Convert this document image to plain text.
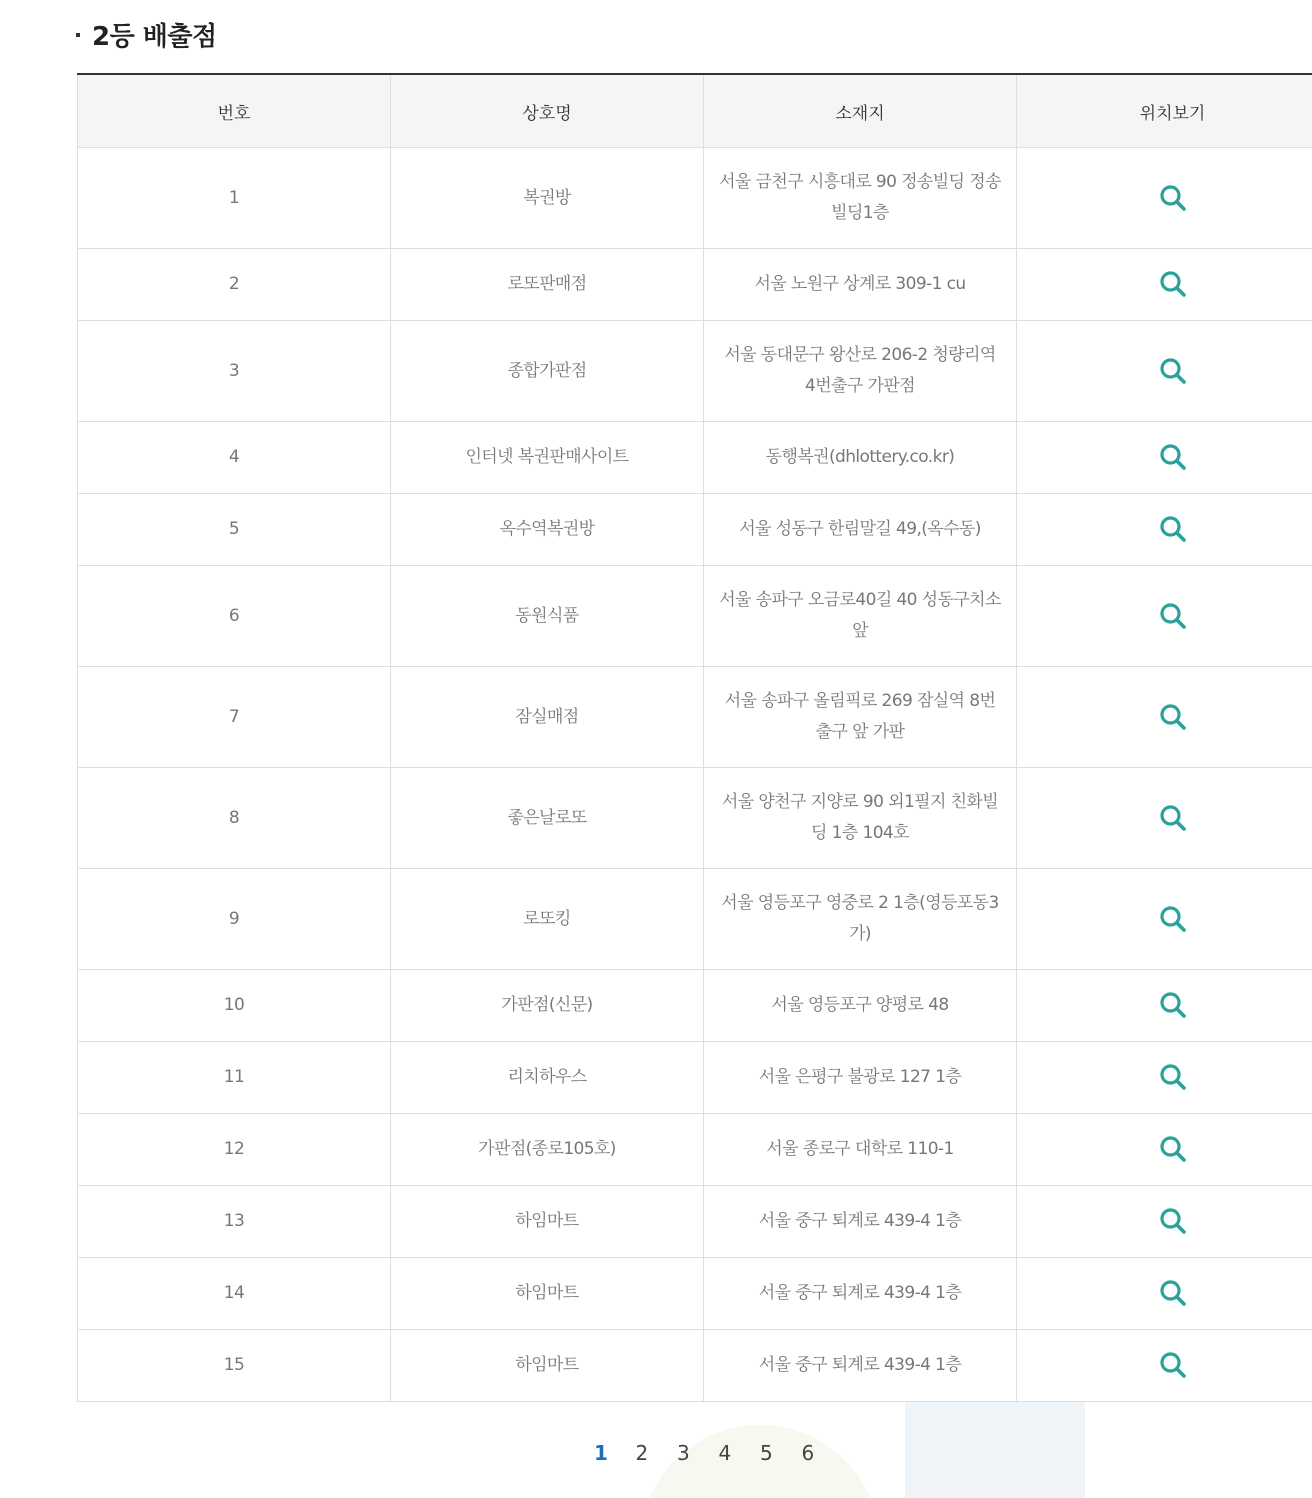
2등 배출점
번호	상호명	소재지	위치보기
1	복권방	서울 금천구 시흥대로 90 정송빌딩 정송빌딩1층	
2	로또판매점	서울 노원구 상계로 309-1 cu	
3	종합가판점	서울 동대문구 왕산로 206-2 청량리역 4번출구 가판점	
4	인터넷 복권판매사이트	동행복권(dhlottery.co.kr)	
5	옥수역복권방	서울 성동구 한림말길 49,(옥수동)	
6	동원식품	서울 송파구 오금로40길 40 성동구치소 앞	
7	잠실매점	서울 송파구 올림픽로 269 잠실역 8번 출구 앞 가판	
8	좋은날로또	서울 양천구 지양로 90 외1필지 친화빌딩 1층 104호	
9	로또킹	서울 영등포구 영중로 2 1층(영등포동3가)	
10	가판점(신문)	서울 영등포구 양평로 48	
11	리치하우스	서울 은평구 불광로 127 1층	
12	가판점(종로105호)	서울 종로구 대학로 110-1	
13	하임마트	서울 중구 퇴계로 439-4 1층	
14	하임마트	서울 중구 퇴계로 439-4 1층	
15	하임마트	서울 중구 퇴계로 439-4 1층	
1	2	3	4	5	6
